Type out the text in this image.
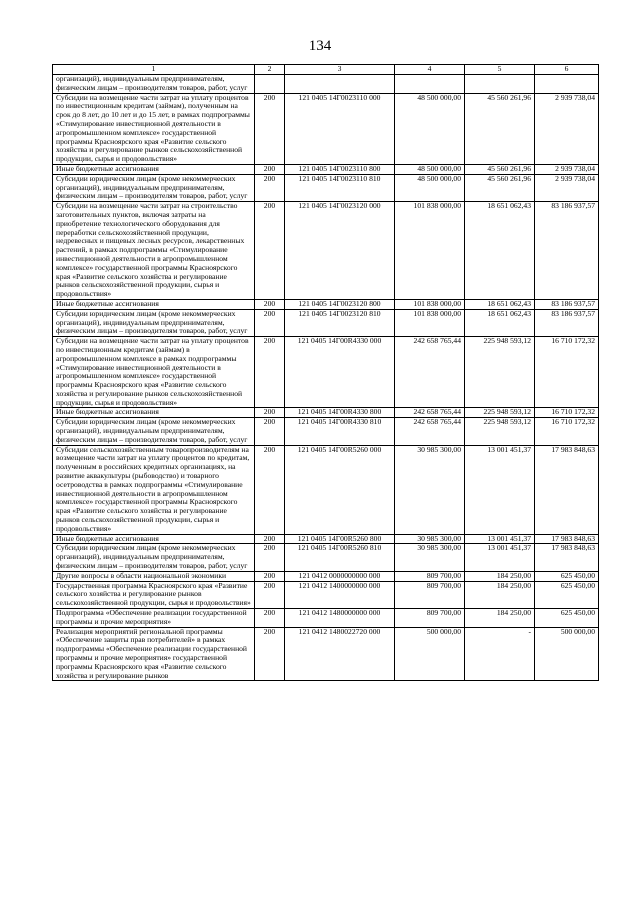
134
1	2	3	4	5	6
организаций), индивидуальным предпринимателям, физическим лицам – производителям товаров, работ, услуг					
Субсидии на возмещение части затрат на уплату процентов по инвестиционным кредитам (займам), полученным на срок до 8 лет, до 10 лет и до 15 лет, в рамках подпрограммы «Стимулирование инвестиционной деятельности в агропромышленном комплексе» государственной программы Красноярского края «Развитие сельского хозяйства и регулирование рынков сельскохозяйственной продукции, сырья и продовольствия»	200	121 0405 14Г0023110 000	48 500 000,00	45 560 261,96	2 939 738,04
Иные бюджетные ассигнования	200	121 0405 14Г0023110 800	48 500 000,00	45 560 261,96	2 939 738,04
Субсидии юридическим лицам (кроме некоммерческих организаций), индивидуальным предпринимателям, физическим лицам – производителям товаров, работ, услуг	200	121 0405 14Г0023110 810	48 500 000,00	45 560 261,96	2 939 738,04
Субсидии на возмещение части затрат на строительство заготовительных пунктов, включая затраты на приобретение технологического оборудования для переработки сельскохозяйственной продукции, недревесных и пищевых лесных ресурсов, лекарственных растений, в рамках подпрограммы «Стимулирование инвестиционной деятельности в агропромышленном комплексе» государственной программы Красноярского края «Развитие сельского хозяйства и регулирование рынков сельскохозяйственной продукции, сырья и продовольствия»	200	121 0405 14Г0023120 000	101 838 000,00	18 651 062,43	83 186 937,57
Иные бюджетные ассигнования	200	121 0405 14Г0023120 800	101 838 000,00	18 651 062,43	83 186 937,57
Субсидии юридическим лицам (кроме некоммерческих организаций), индивидуальным предпринимателям, физическим лицам – производителям товаров, работ, услуг	200	121 0405 14Г0023120 810	101 838 000,00	18 651 062,43	83 186 937,57
Субсидии на возмещение части затрат на уплату процентов по инвестиционным кредитам (займам) в агропромышленном комплексе в рамках подпрограммы «Стимулирование инвестиционной деятельности в агропромышленном комплексе» государственной программы Красноярского края «Развитие сельского хозяйства и регулирование рынков сельскохозяйственной продукции, сырья и продовольствия»	200	121 0405 14Г00R4330 000	242 658 765,44	225 948 593,12	16 710 172,32
Иные бюджетные ассигнования	200	121 0405 14Г00R4330 800	242 658 765,44	225 948 593,12	16 710 172,32
Субсидии юридическим лицам (кроме некоммерческих организаций), индивидуальным предпринимателям, физическим лицам – производителям товаров, работ, услуг	200	121 0405 14Г00R4330 810	242 658 765,44	225 948 593,12	16 710 172,32
Субсидии сельскохозяйственным товаропроизводителям на возмещение части затрат на уплату процентов по кредитам, полученным в российских кредитных организациях, на развитие аквакультуры (рыбоводство) и товарного осетроводства в рамках подпрограммы «Стимулирование инвестиционной деятельности в агропромышленном комплексе» государственной программы Красноярского края «Развитие сельского хозяйства и регулирование рынков сельскохозяйственной продукции, сырья и продовольствия»	200	121 0405 14Г00R5260 000	30 985 300,00	13 001 451,37	17 983 848,63
Иные бюджетные ассигнования	200	121 0405 14Г00R5260 800	30 985 300,00	13 001 451,37	17 983 848,63
Субсидии юридическим лицам (кроме некоммерческих организаций), индивидуальным предпринимателям, физическим лицам – производителям товаров, работ, услуг	200	121 0405 14Г00R5260 810	30 985 300,00	13 001 451,37	17 983 848,63
Другие вопросы в области национальной экономики	200	121 0412 0000000000 000	809 700,00	184 250,00	625 450,00
Государственная программа Красноярского края «Развитие сельского хозяйства и регулирование рынков сельскохозяйственной продукции, сырья и продовольствия»	200	121 0412 1400000000 000	809 700,00	184 250,00	625 450,00
Подпрограмма «Обеспечение реализации государственной программы и прочие мероприятия»	200	121 0412 1480000000 000	809 700,00	184 250,00	625 450,00
Реализация мероприятий региональной программы «Обеспечение защиты прав потребителей» в рамках подпрограммы «Обеспечение реализации государственной программы и прочие мероприятия» государственной программы Красноярского края «Развитие сельского хозяйства и регулирование рынков	200	121 0412 1480022720 000	500 000,00	-	500 000,00
